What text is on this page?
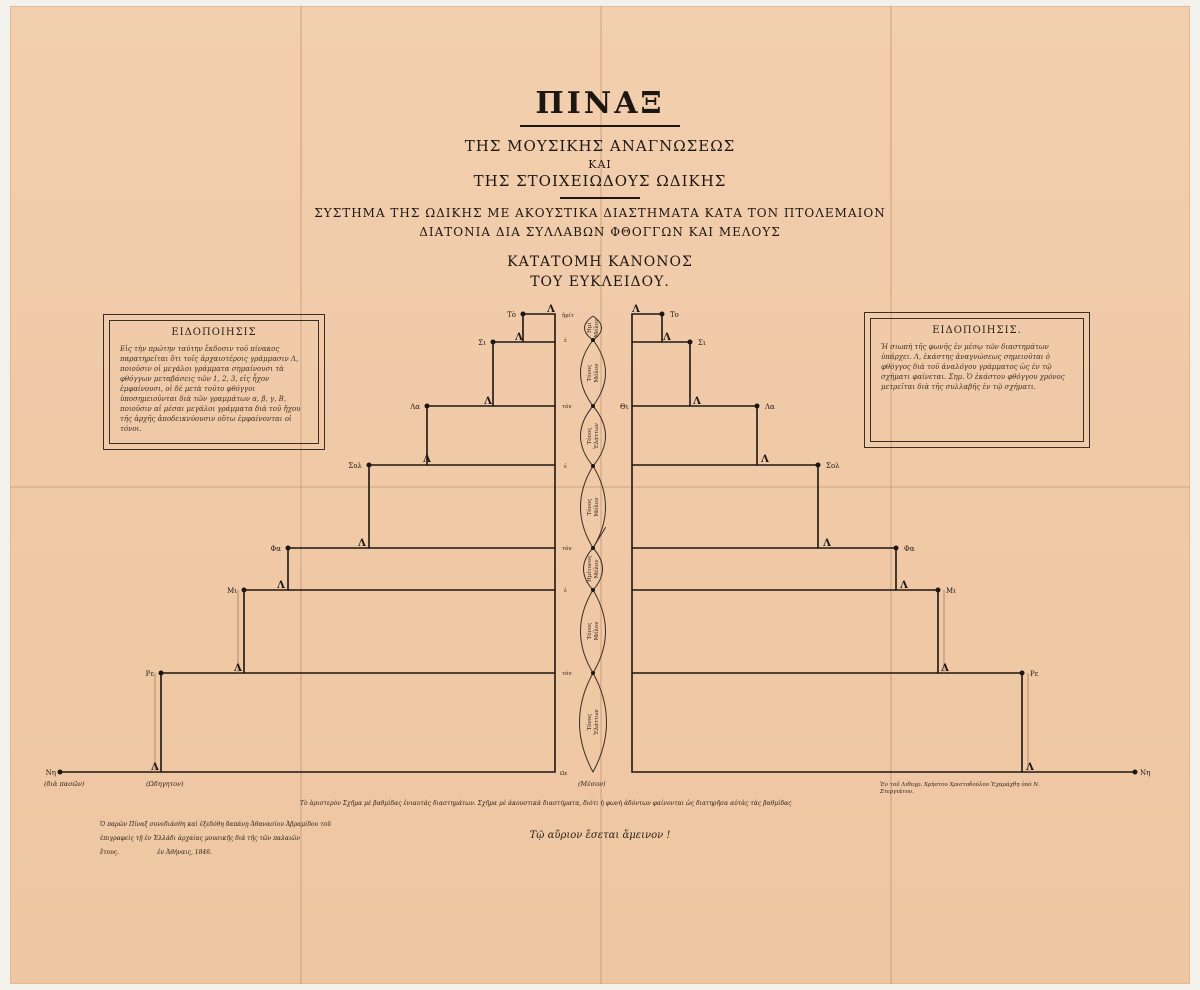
ΠΙΝΑΞ
ΤΗΣ ΜΟΥΣΙΚΗΣ ΑΝΑΓΝΩΣΕΩΣ
ΚΑΙ
ΤΗΣ ΣΤΟΙΧΕΙΩΔΟΥΣ ΩΔΙΚΗΣ
ΣΥΣΤΗΜΑ ΤΗΣ ΩΔΙΚΗΣ ΜΕ ΑΚΟΥΣΤΙΚΑ ΔΙΑΣΤΗΜΑΤΑ ΚΑΤΑ ΤΟΝ ΠΤΟΛΕΜΑΙΟΝ
ΔΙΑΤΟΝΙΑ ΔΙΑ ΣΥΛΛΑΒΩΝ ΦΘΟΓΓΩΝ ΚΑΙ ΜΕΛΟΥΣ
ΚΑΤΑΤΟΜΗ ΚΑΝΟΝΟΣ
ΤΟΥ ΕΥΚΛΕΙΔΟΥ.
ΕΙΔΟΠΟΙΗΣΙΣ
Εἰς τὴν πρώτην ταύτην ἔκδοσιν τοῦ πίνακος παρατηρεῖται ὅτι τοῖς ἀρχαιοτέροις γράμμασιν Λ, ποιοῦσιν οἱ μεγάλοι γράμματα σημαίνουσι τὰ φθόγγων μεταβάσεις τῶν 1, 2, 3, εἰς ἦχον ἐμφαίνουσι, οἱ δὲ μετὰ τοῦτο φθόγγοι ὑποσημειοῦνται διὰ τῶν γραμμάτων α, β, γ, Β, ποιοῦσιν αἱ μέσαι μεγάλοι γράμματα διὰ τοῦ ἤχου τῆς ἀρχῆς ἀποδεικνύουσιν οὕτω ἐμφαίνονται οἱ τόνοι.
ΕΙΔΟΠΟΙΗΣΙΣ.
Ἡ σιωπὴ τῆς φωνῆς ἐν μέσῳ τῶν διαστημάτων ὑπάρχει. Λ, ἐκάστης ἀναγνώσεως σημειοῦται ὁ φθόγγος διὰ τοῦ ἀναλόγου γράμματος ὡς ἐν τῷ σχήματι φαίνεται. Σημ. Ὁ ἐκάστου φθόγγου χρόνος μετρεῖται διὰ τῆς συλλαβῆς ἐν τῷ σχήματι.
Τὸ
Σι
Λα
Σολ
Φα
Μι
Ρε
Νη
Το
Σι
Θι	Λα
Σολ
Φα
Μι
Ρε
Νη
Λ
Λ
Λ
Λ
Λ
Λ
Λ
Λ
Λ
Λ
Λ
Λ
Λ
Λ
Λ
Λ
Ἡμί Μόλον
Τόνος Μόλον
Τόνος Ἐλάττων
Τόνος Μόλον
Ἡμίτονος Μόλον
Τόνος Μόλον
Τόνος Ἐλάττων
ἡμίτ
ἐ
τόν
ἐ
τόν
ἐ
τόν
Ωε
(διὰ πασῶν)	(Ωδηγητον)	(Μέσον)
Τὸ ἀριστερὸν Σχῆμα μὲ βαθμίδας ἐνιαυτάς διαστημάτων. Σχῆμα μὲ ἀκουστικὰ διαστήματα, διότι ἡ φωνὴ ἀδόντων φαίνονται ὡς διατηρῆσα αὐτὰς τὰς βαθμίδας
Ἐν τοῦ Λιθογρ. Χρήστου Χριστοδούλου Ἐχαράχθη ὑπὸ Ν. Στεργιάτου.
Ὁ παρὼν Πίναξ συνεδιάσθη καὶ ἐξεδόθη δαπάνῃ Ἀθανασίου Ἀβραμίδου τοῦ
ἐπιγραφεὶς τῇ ἐν Ἑλλάδι ἀρχαίας μουσικῆς διὰ τῆς τῶν παλαιῶν
ἔτους.                    ἐν Ἀθήναις, 1846.
Τῷ αὔριον ἔσεται ἄμεινον !
